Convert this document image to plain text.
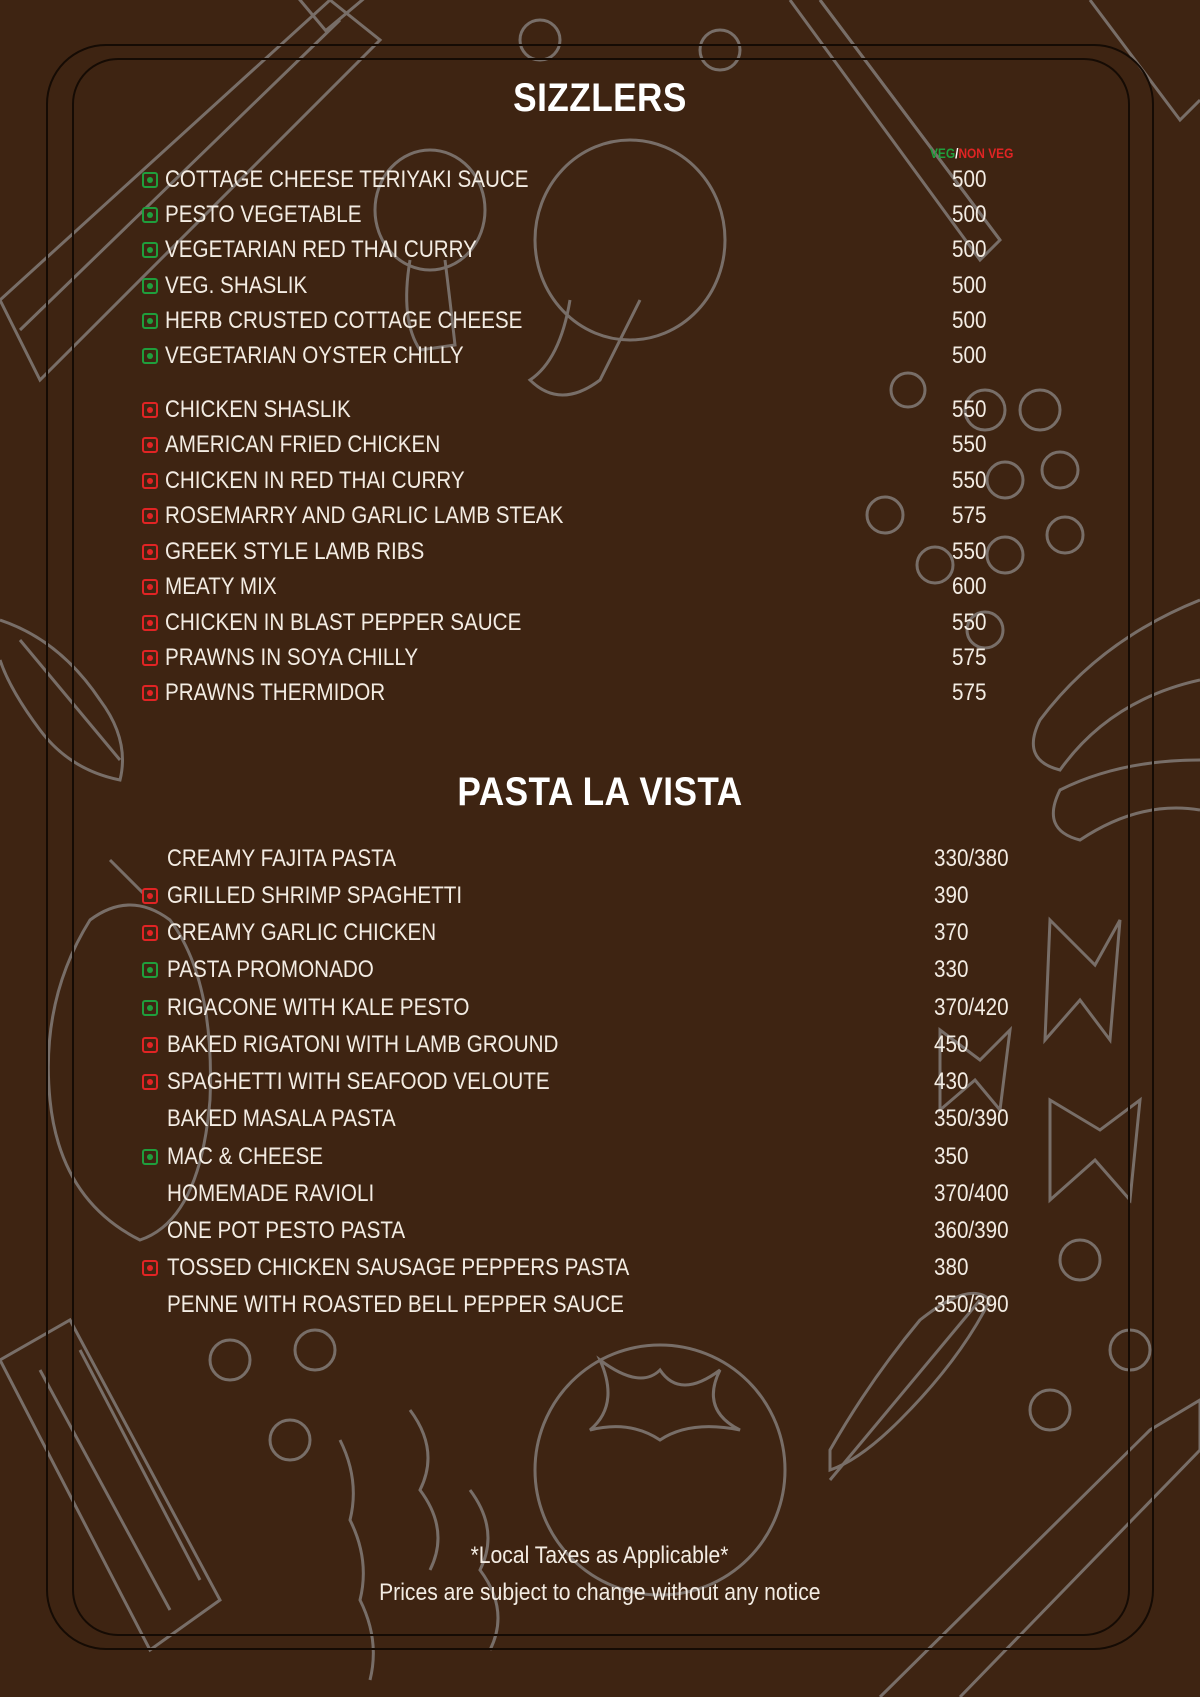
SIZZLERS
VEG/NON VEG
COTTAGE CHEESE TERIYAKI SAUCE	500
PESTO VEGETABLE	500
VEGETARIAN RED THAI CURRY	500
VEG. SHASLIK	500
HERB CRUSTED COTTAGE CHEESE	500
VEGETARIAN OYSTER CHILLY	500
CHICKEN SHASLIK	550
AMERICAN FRIED CHICKEN	550
CHICKEN IN RED THAI CURRY	550
ROSEMARRY AND GARLIC LAMB STEAK	575
GREEK STYLE LAMB RIBS	550
MEATY MIX	600
CHICKEN IN BLAST PEPPER SAUCE	550
PRAWNS IN SOYA CHILLY	575
PRAWNS THERMIDOR	575
PASTA LA VISTA
CREAMY FAJITA PASTA	330/380
GRILLED SHRIMP SPAGHETTI	390
CREAMY GARLIC CHICKEN	370
PASTA PROMONADO	330
RIGACONE WITH KALE PESTO	370/420
BAKED RIGATONI WITH LAMB GROUND	450
SPAGHETTI WITH SEAFOOD VELOUTE	430
BAKED MASALA PASTA	350/390
MAC & CHEESE	350
HOMEMADE RAVIOLI	370/400
ONE POT PESTO PASTA	360/390
TOSSED CHICKEN SAUSAGE PEPPERS PASTA	380
PENNE WITH ROASTED BELL PEPPER SAUCE	350/390
*Local Taxes as Applicable*
Prices are subject to change without any notice
